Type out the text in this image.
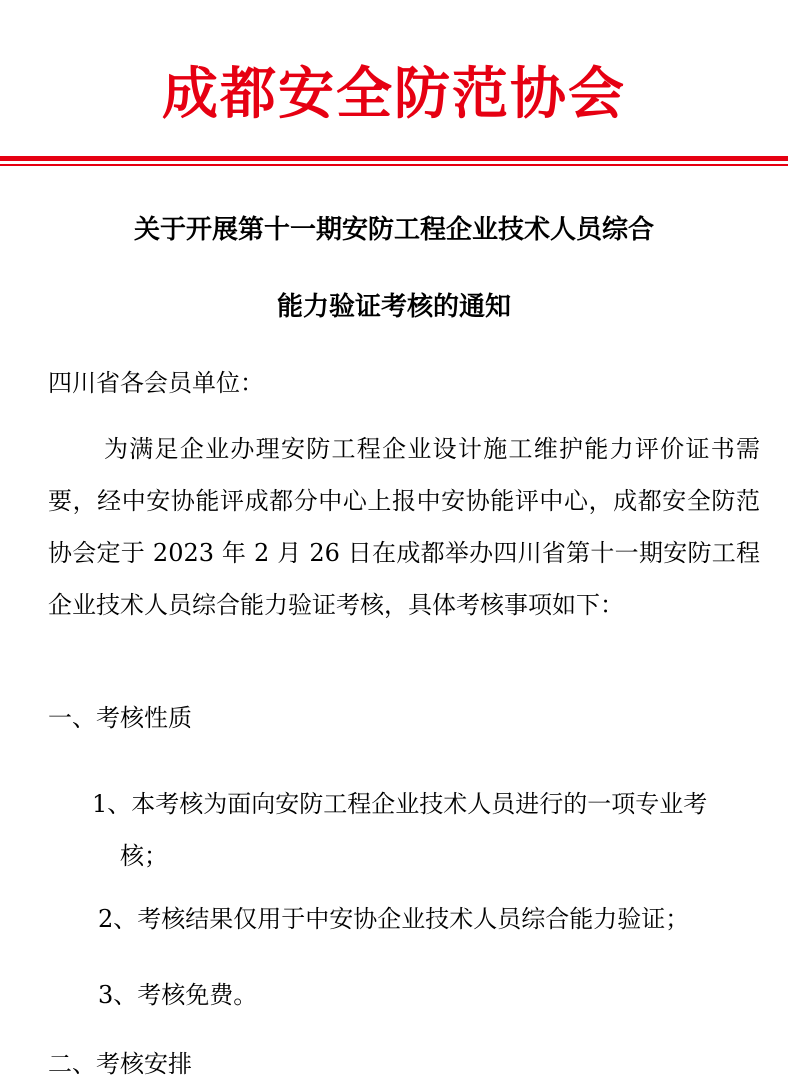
成都安全防范协会
关于开展第十一期安防工程企业技术人员综合
能力验证考核的通知
四川省各会员单位：
为满足企业办理安防工程企业设计施工维护能力评价证书需要，经中安协能评成都分中心上报中安协能评中心，成都安全防范协会定于 2023 年 2 月 26 日在成都举办四川省第十一期安防工程企业技术人员综合能力验证考核，具体考核事项如下：
一、考核性质
1、本考核为面向安防工程企业技术人员进行的一项专业考
核；
2、考核结果仅用于中安协企业技术人员综合能力验证；
3、考核免费。
二、考核安排
